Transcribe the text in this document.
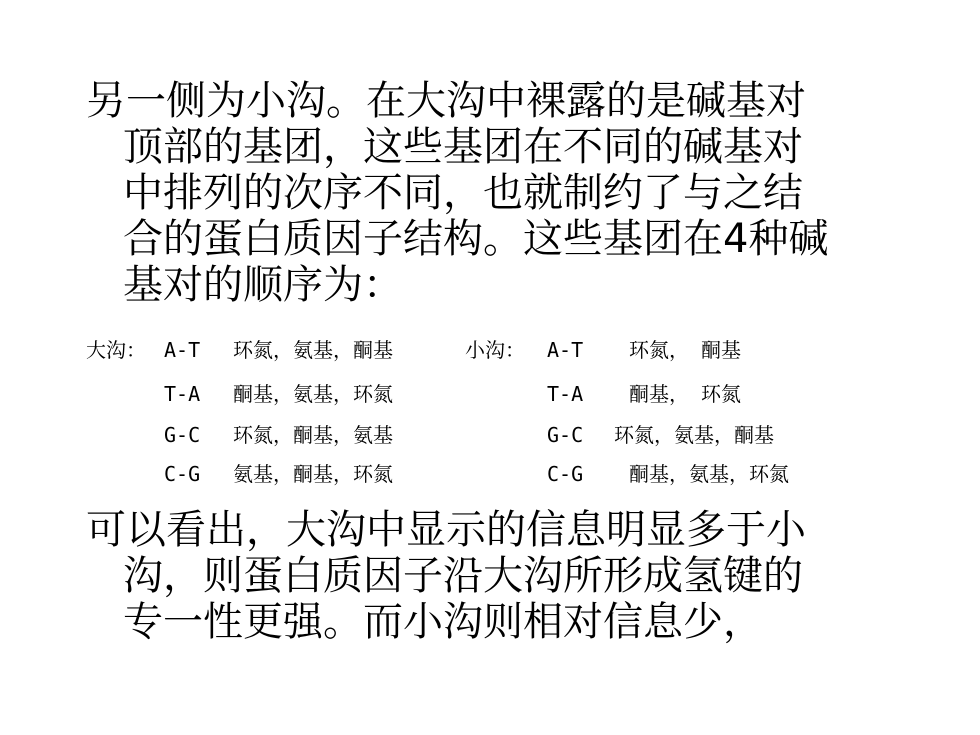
另一侧为小沟。在大沟中裸露的是碱基对
顶部的基团，这些基团在不同的碱基对
中排列的次序不同，也就制约了与之结
合的蛋白质因子结构。这些基团在4种碱
基对的顺序为：
大沟： A-T 环氮，氨基，酮基	小沟： A-T 环氮， 酮基
T-A 酮基，氨基，环氮	T-A 酮基， 环氮
G-C 环氮，酮基，氨基	G-C 环氮，氨基，酮基
C-G 氨基，酮基，环氮	C-G 酮基，氨基，环氮
可以看出，大沟中显示的信息明显多于小
沟，则蛋白质因子沿大沟所形成氢键的
专一性更强。而小沟则相对信息少，
